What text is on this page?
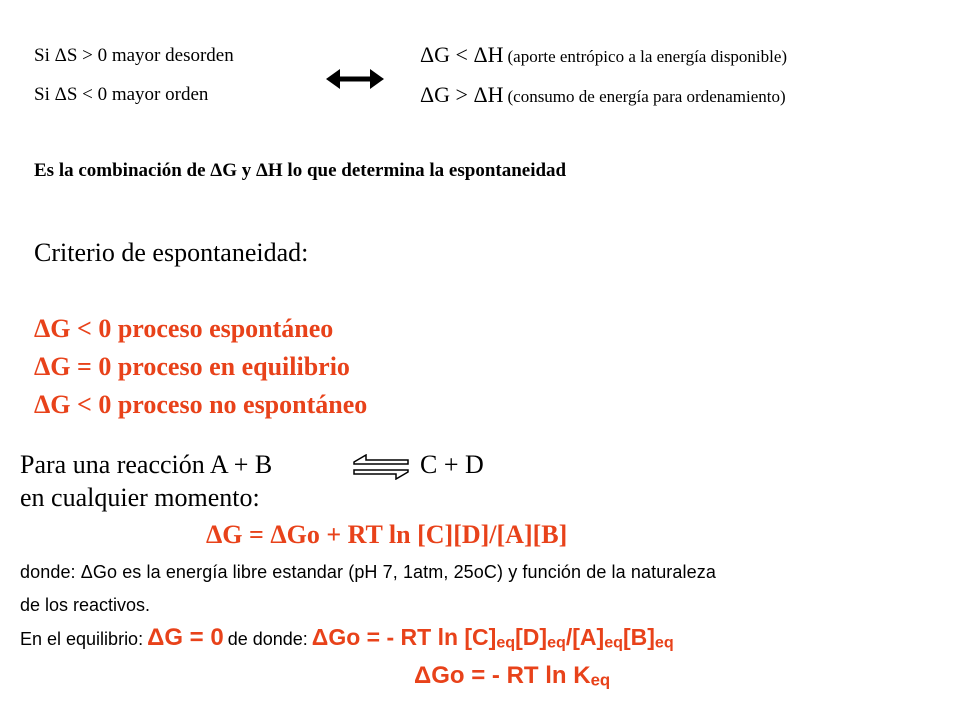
Si ΔS > 0 mayor desorden
Si ΔS < 0 mayor orden
ΔG < ΔH (aporte entrópico a la energía disponible)
ΔG > ΔH (consumo de energía para ordenamiento)
Es la combinación de ΔG y ΔH lo que determina la espontaneidad
Criterio de espontaneidad:
ΔG < 0 proceso espontáneo
ΔG = 0 proceso en equilibrio
ΔG < 0 proceso no espontáneo
Para una reacción A + B	C + D
en cualquier momento:
ΔG = ΔGo + RT ln [C][D]/[A][B]
donde: ΔGo es la energía libre estandar (pH 7, 1atm, 25oC) y función de la naturaleza
de los reactivos.
En el equilibrio: ΔG = 0 de donde: ΔGo = - RT $\ln [C]_{eq}[D]_{eq}/[A]_{eq}[B]_{eq}$
ΔGo = - RT $\ln K_{eq}$
